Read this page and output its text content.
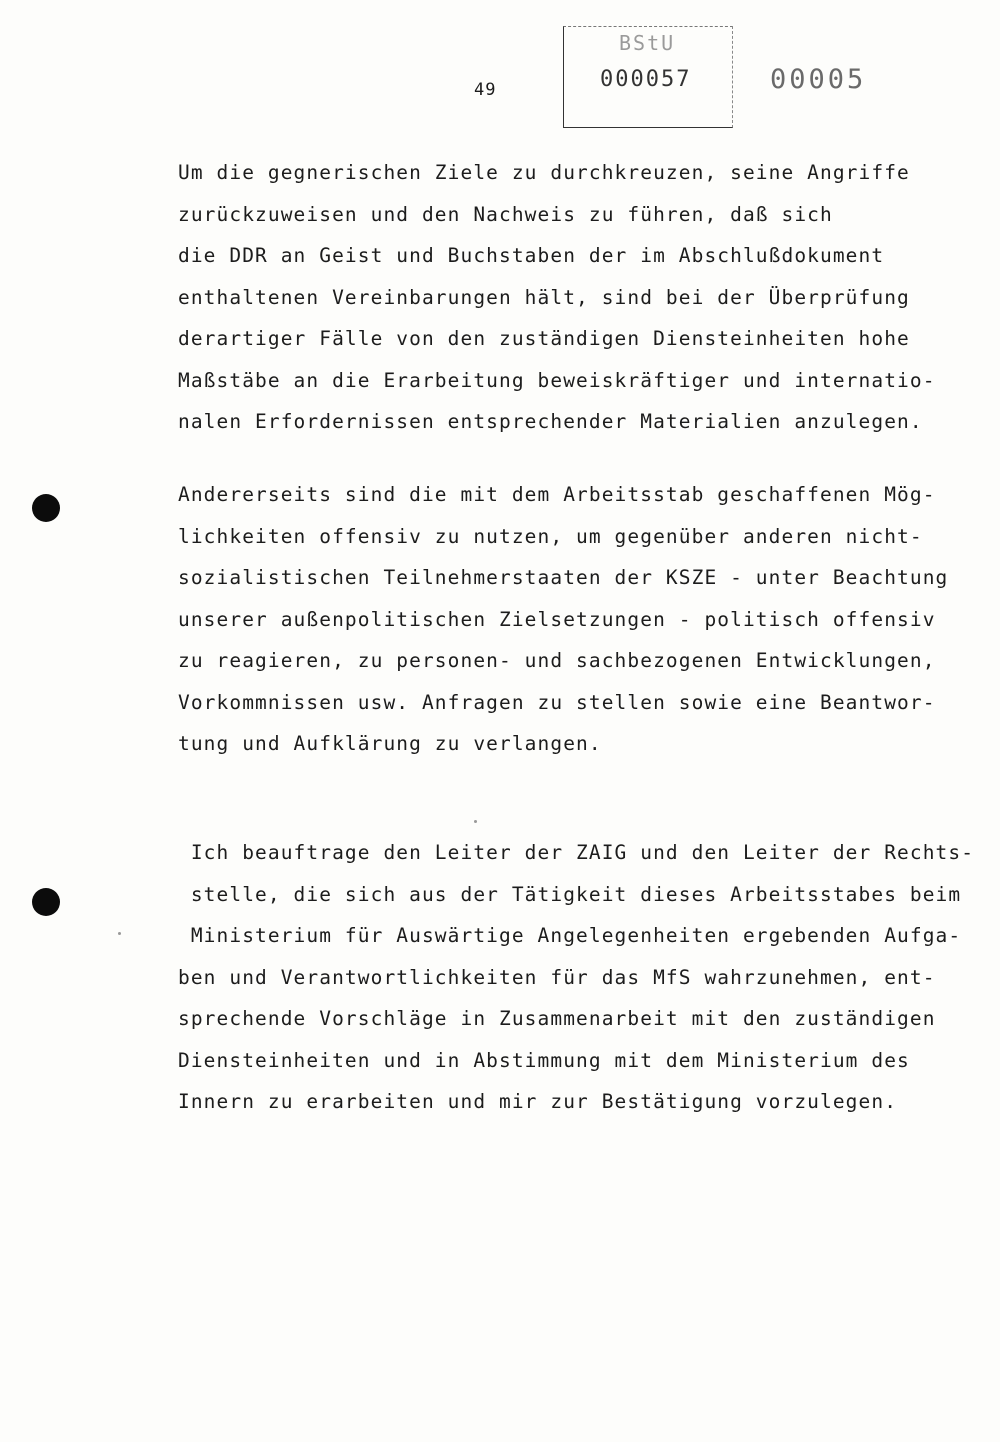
49
BStU
000057	00005
Um die gegnerischen Ziele zu durchkreuzen, seine Angriffe
zurückzuweisen und den Nachweis zu führen, daß sich
die DDR an Geist und Buchstaben der im Abschlußdokument
enthaltenen Vereinbarungen hält, sind bei der Überprüfung
derartiger Fälle von den zuständigen Diensteinheiten hohe
Maßstäbe an die Erarbeitung beweiskräftiger und internatio-
nalen Erfordernissen entsprechender Materialien anzulegen.
Andererseits sind die mit dem Arbeitsstab geschaffenen Mög-
lichkeiten offensiv zu nutzen, um gegenüber anderen nicht-
sozialistischen Teilnehmerstaaten der KSZE - unter Beachtung
unserer außenpolitischen Zielsetzungen - politisch offensiv
zu reagieren, zu personen- und sachbezogenen Entwicklungen,
Vorkommnissen usw. Anfragen zu stellen sowie eine Beantwor-
tung und Aufklärung zu verlangen.
Ich beauftrage den Leiter der ZAIG und den Leiter der Rechts-
stelle, die sich aus der Tätigkeit dieses Arbeitsstabes beim
Ministerium für Auswärtige Angelegenheiten ergebenden Aufga-
ben und Verantwortlichkeiten für das MfS wahrzunehmen, ent-
sprechende Vorschläge in Zusammenarbeit mit den zuständigen
Diensteinheiten und in Abstimmung mit dem Ministerium des
Innern zu erarbeiten und mir zur Bestätigung vorzulegen.
